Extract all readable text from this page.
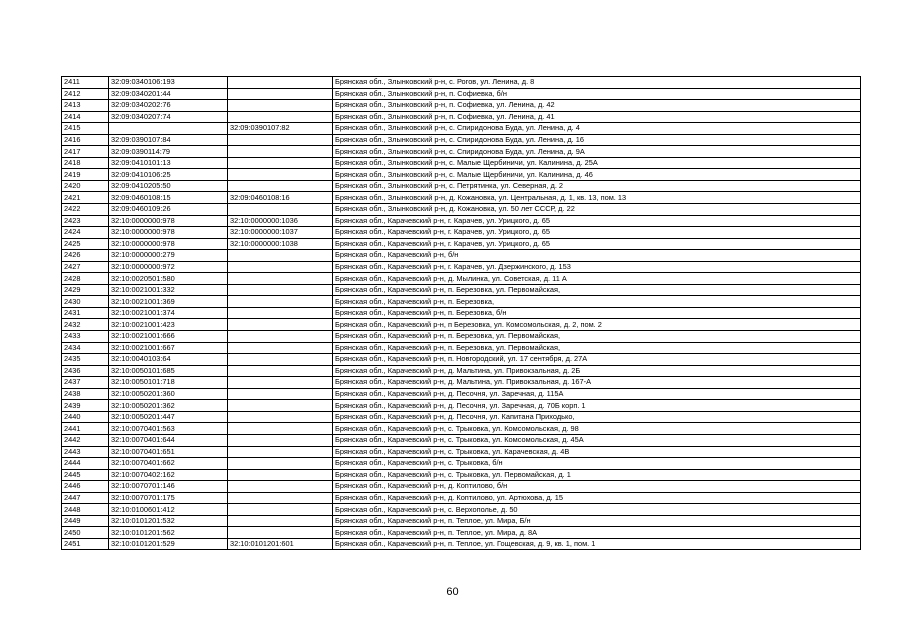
2411	32:09:0340106:193		Брянская обл., Злынковский р-н, с. Рогов, ул. Ленина, д. 8
2412	32:09:0340201:44		Брянская обл., Злынковский р-н, п. Софиевка, б/н
2413	32:09:0340202:76		Брянская обл., Злынковский р-н, п. Софиевка, ул. Ленина, д. 42
2414	32:09:0340207:74		Брянская обл., Злынковский р-н, п. Софиевка, ул. Ленина, д. 41
2415		32:09:0390107:82	Брянская обл., Злынковский р-н, с. Спиридонова Буда, ул. Ленина, д. 4
2416	32:09:0390107:84		Брянская обл., Злынковский р-н, с. Спиридонова Буда, ул. Ленина, д. 16
2417	32:09:0390114:79		Брянская обл., Злынковский р-н, с. Спиридонова Буда, ул. Ленина, д. 9А
2418	32:09:0410101:13		Брянская обл., Злынковский р-н, с. Малые Щербиничи, ул. Калинина, д. 25А
2419	32:09:0410106:25		Брянская обл., Злынковский р-н, с. Малые Щербиничи, ул. Калинина, д. 46
2420	32:09:0410205:50		Брянская обл., Злынковский р-н, с. Петрятинка, ул. Северная, д. 2
2421	32:09:0460108:15	32:09:0460108:16	Брянская обл., Злынковский р-н, д. Кожановка, ул. Центральная, д. 1, кв. 13, пом. 13
2422	32:09:0460109:26		Брянская обл., Злынковский р-н, д. Кожановка, ул. 50 лет СССР, д. 22
2423	32:10:0000000:978	32:10:0000000:1036	Брянская обл., Карачевский р-н, г. Карачев, ул. Урицкого, д. 65
2424	32:10:0000000:978	32:10:0000000:1037	Брянская обл., Карачевский р-н, г. Карачев, ул. Урицкого, д. 65
2425	32:10:0000000:978	32:10:0000000:1038	Брянская обл., Карачевский р-н, г. Карачев, ул. Урицкого, д. 65
2426	32:10:0000000:279		Брянская обл., Карачевский р-н, б/н
2427	32:10:0000000:972		Брянская обл., Карачевский р-н, г. Карачев, ул. Дзержинского, д. 153
2428	32:10:0020501:580		Брянская обл., Карачевский р-н, д. Мылинка, ул. Советская, д. 11 А
2429	32:10:0021001:332		Брянская обл., Карачевский р-н, п. Березовка, ул. Первомайская,
2430	32:10:0021001:369		Брянская обл., Карачевский р-н, п. Березовка,
2431	32:10:0021001:374		Брянская обл., Карачевский р-н, п. Березовка, б/н
2432	32:10:0021001:423		Брянская обл., Карачевский р-н, п Березовка, ул. Комсомольская, д. 2, пом. 2
2433	32:10:0021001:666		Брянская обл., Карачевский р-н, п. Березовка, ул. Первомайская,
2434	32:10:0021001:667		Брянская обл., Карачевский р-н, п. Березовка, ул. Первомайская,
2435	32:10:0040103:64		Брянская обл., Карачевский р-н, п. Новгородский, ул. 17 сентября, д. 27А
2436	32:10:0050101:685		Брянская обл., Карачевский р-н, д. Мальтина, ул. Привокзальная, д. 2Б
2437	32:10:0050101:718		Брянская обл., Карачевский р-н, д. Мальтина, ул. Привокзальная, д. 167-А
2438	32:10:0050201:360		Брянская обл., Карачевский р-н, д. Песочня, ул. Заречная, д. 115А
2439	32:10:0050201:362		Брянская обл., Карачевский р-н, д. Песочня, ул. Заречная, д. 70Б корп. 1
2440	32:10:0050201:447		Брянская обл., Карачевский р-н, д. Песочня, ул. Капитана Приходько,
2441	32:10:0070401:563		Брянская обл., Карачевский р-н, с. Трыковка, ул. Комсомольская, д. 98
2442	32:10:0070401:644		Брянская обл., Карачевский р-н, с. Трыковка, ул. Комсомольская, д. 45А
2443	32:10:0070401:651		Брянская обл., Карачевский р-н, с. Трыковка, ул. Карачевская, д. 4В
2444	32:10:0070401:662		Брянская обл., Карачевский р-н, с. Трыковка, б/н
2445	32:10:0070402:162		Брянская обл., Карачевский р-н, с. Трыковка, ул. Первомайская, д. 1
2446	32:10:0070701:146		Брянская обл., Карачевский р-н, д. Коптилово, б/н
2447	32:10:0070701:175		Брянская обл., Карачевский р-н, д. Коптилово, ул. Артюхова, д. 15
2448	32:10:0100601:412		Брянская обл., Карачевский р-н, с. Верхополье, д. 50
2449	32:10:0101201:532		Брянская обл., Карачевский р-н, п. Теплое, ул. Мира, Б/н
2450	32:10:0101201:562		Брянская обл., Карачевский р-н, п. Теплое, ул. Мира, д. 8А
2451	32:10:0101201:529	32:10:0101201:601	Брянская обл., Карачевский р-н, п. Теплое, ул. Гощевская, д. 9, кв. 1, пом. 1
60
